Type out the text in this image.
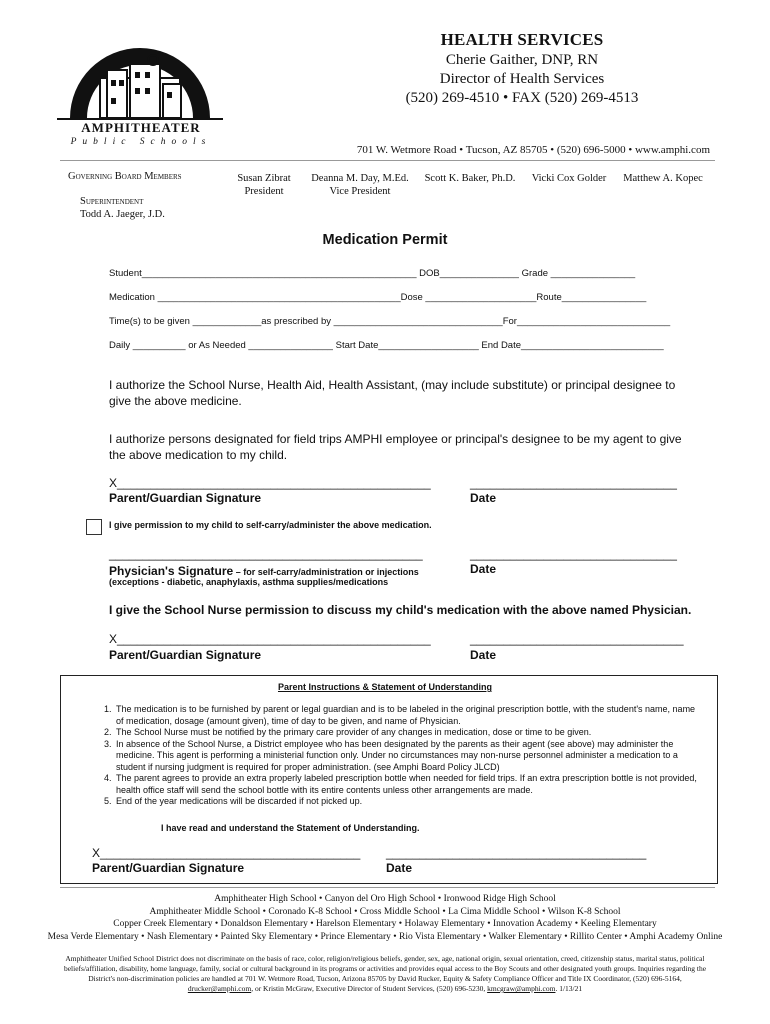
AMPHITHEATER
Public Schools
HEALTH SERVICES
Cherie Gaither, DNP, RN
Director of Health Services
(520) 269-4510 • FAX (520) 269-4513
701 W. Wetmore Road • Tucson, AZ 85705 • (520) 696-5000 • www.amphi.com
Governing Board Members
Superintendent
Todd A. Jaeger, J.D.
Susan Zibrat
President
Deanna M. Day, M.Ed.
Vice President
Scott K. Baker, Ph.D.	Vicki Cox Golder	Matthew A. Kopec
Medication Permit
Student____________________________________________________ DOB_______________ Grade ________________
Medication ______________________________________________Dose _____________________Route________________
Time(s) to be given _____________as prescribed by ________________________________For_____________________________
Daily __________ or As Needed ________________ Start Date___________________ End Date___________________________
I authorize the School Nurse, Health Aid, Health Assistant, (may include substitute) or principal designee to give the above medicine.
I authorize persons designated for field trips AMPHI employee or principal's designee to be my agent to give the above medication to my child.
X_______________________________________________	_______________________________
Parent/Guardian Signature	Date
I give permission to my child to self-carry/administer the above medication.
_______________________________________________	_______________________________
Physician's Signature – for self-carry/administration or injections	Date
(exceptions - diabetic, anaphylaxis, asthma supplies/medications
I give the School Nurse permission to discuss my child's medication with the above named Physician.
X_______________________________________________	________________________________
Parent/Guardian Signature	Date
Parent Instructions & Statement of Understanding
1. The medication is to be furnished by parent or legal guardian and is to be labeled in the original prescription bottle, with the student's name, name of medication, dosage (amount given), time of day to be given, and name of Physician.
2. The School Nurse must be notified by the primary care provider of any changes in medication, dose or time to be given.
3. In absence of the School Nurse, a District employee who has been designated by the parents as their agent (see above) may administer the medicine. This agent is performing a ministerial function only. Under no circumstances may non-nurse personnel administer a medication to a student if nursing judgment is required for proper administration. (see Amphi Board Policy JLCD)
4. The parent agrees to provide an extra properly labeled prescription bottle when needed for field trips. If an extra prescription bottle is not provided, health office staff will send the school bottle with its entire contents unless other arrangements are made.
5. End of the year medications will be discarded if not picked up.
I have read and understand the Statement of Understanding.
X_______________________________________ _______________________________________
Parent/Guardian Signature	Date
Amphitheater High School • Canyon del Oro High School • Ironwood Ridge High School
Amphitheater Middle School • Coronado K-8 School • Cross Middle School • La Cima Middle School • Wilson K-8 School
Copper Creek Elementary • Donaldson Elementary • Harelson Elementary • Holaway Elementary • Innovation Academy • Keeling Elementary
Mesa Verde Elementary • Nash Elementary • Painted Sky Elementary • Prince Elementary • Rio Vista Elementary • Walker Elementary • Rillito Center • Amphi Academy Online
Amphitheater Unified School District does not discriminate on the basis of race, color, religion/religious beliefs, gender, sex, age, national origin, sexual orientation, creed, citizenship status, marital status, political beliefs/affiliation, disability, home language, family, social or cultural background in its programs or activities and provides equal access to the Boy Scouts and other designated youth groups. Inquiries regarding the District's non-discrimination policies are handled at 701 W. Wetmore Road, Tucson, Arizona 85705 by David Rucker, Equity & Safety Compliance Officer and Title IX Coordinator, (520) 696-5164, drucker@amphi.com, or Kristin McGraw, Executive Director of Student Services, (520) 696-5230, kmcgraw@amphi.com. 1/13/21
